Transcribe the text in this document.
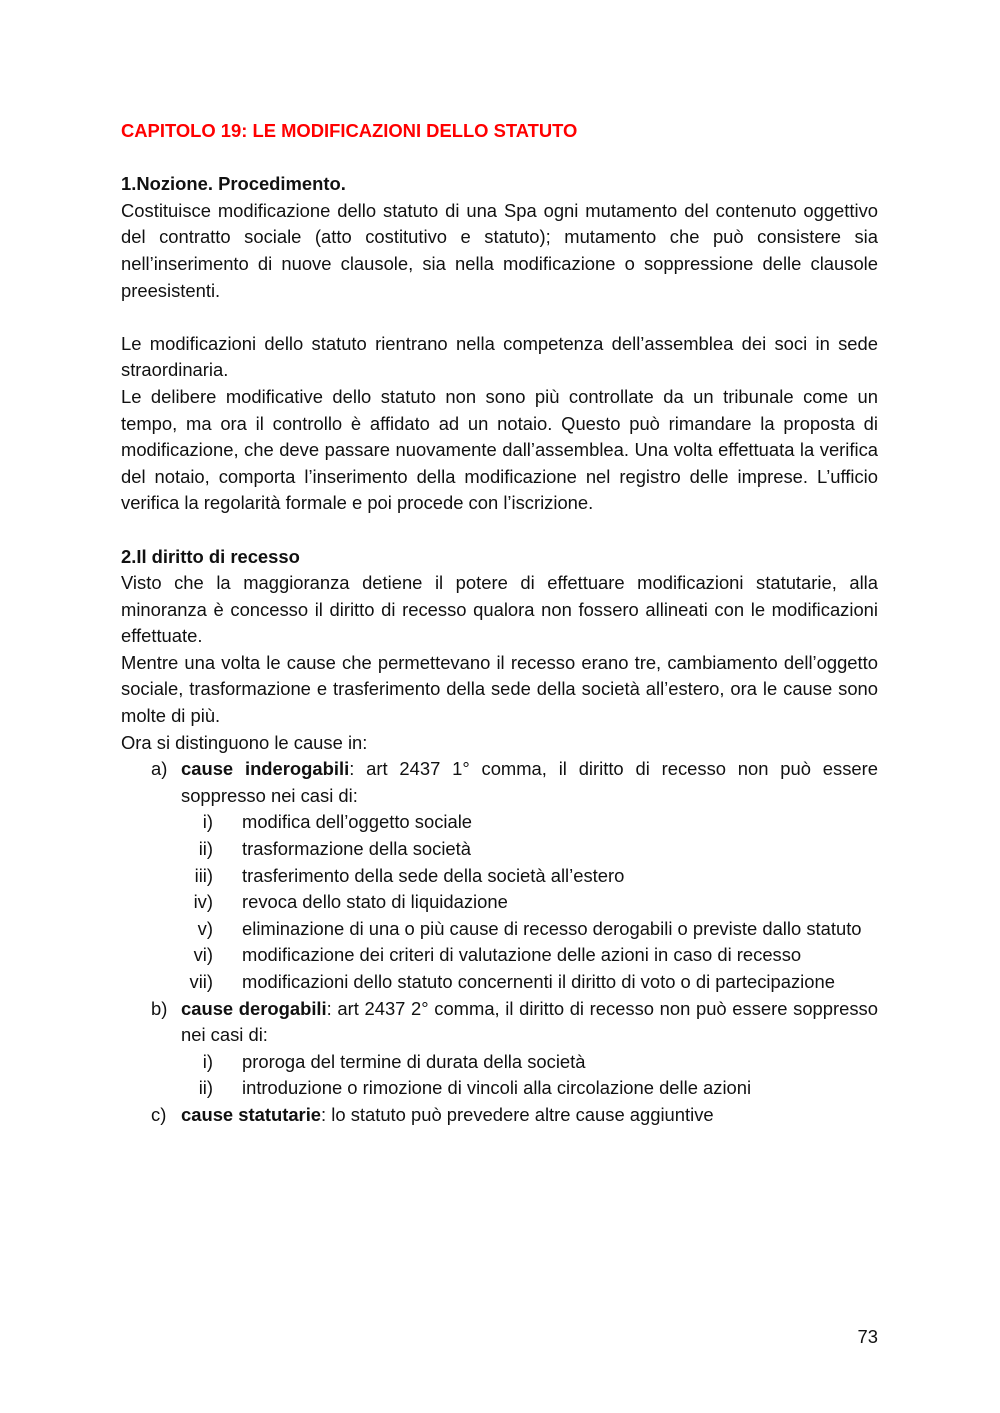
CAPITOLO 19: LE MODIFICAZIONI DELLO STATUTO
1.Nozione. Procedimento.

Costituisce modificazione dello statuto di una Spa ogni mutamento del contenuto oggettivo del contratto sociale (atto costitutivo e statuto); mutamento che può consistere sia nell’inserimento di nuove clausole, sia nella modificazione o soppressione delle clausole preesistenti.

Le modificazioni dello statuto rientrano nella competenza dell’assemblea dei soci in sede straordinaria.

Le delibere modificative dello statuto non sono più controllate da un tribunale come un tempo, ma ora il controllo è affidato ad un notaio. Questo può rimandare la proposta di modificazione, che deve passare nuovamente dall’assemblea. Una volta effettuata la verifica del notaio, comporta l’inserimento della modificazione nel registro delle imprese. L’ufficio verifica la regolarità formale e poi procede con l’iscrizione.

2.Il diritto di recesso

Visto che la maggioranza detiene il potere di effettuare modificazioni statutarie, alla minoranza è concesso il diritto di recesso qualora non fossero allineati con le modificazioni effettuate.

Mentre una volta le cause che permettevano il recesso erano tre, cambiamento dell’oggetto sociale, trasformazione e trasferimento della sede della società all’estero, ora le cause sono molte di più.

Ora si distinguono le cause in:

a) cause inderogabili: art 2437 1° comma, il diritto di recesso non può essere soppresso nei casi di:
i) modifica dell’oggetto sociale
ii) trasformazione della società
iii) trasferimento della sede della società all’estero
iv) revoca dello stato di liquidazione
v) eliminazione di una o più cause di recesso derogabili o previste dallo statuto
vi) modificazione dei criteri di valutazione delle azioni in caso di recesso
vii) modificazioni dello statuto concernenti il diritto di voto o di partecipazione
b) cause derogabili: art 2437 2° comma, il diritto di recesso non può essere soppresso nei casi di:
i) proroga del termine di durata della società
ii) introduzione o rimozione di vincoli alla circolazione delle azioni
c) cause statutarie: lo statuto può prevedere altre cause aggiuntive
73
